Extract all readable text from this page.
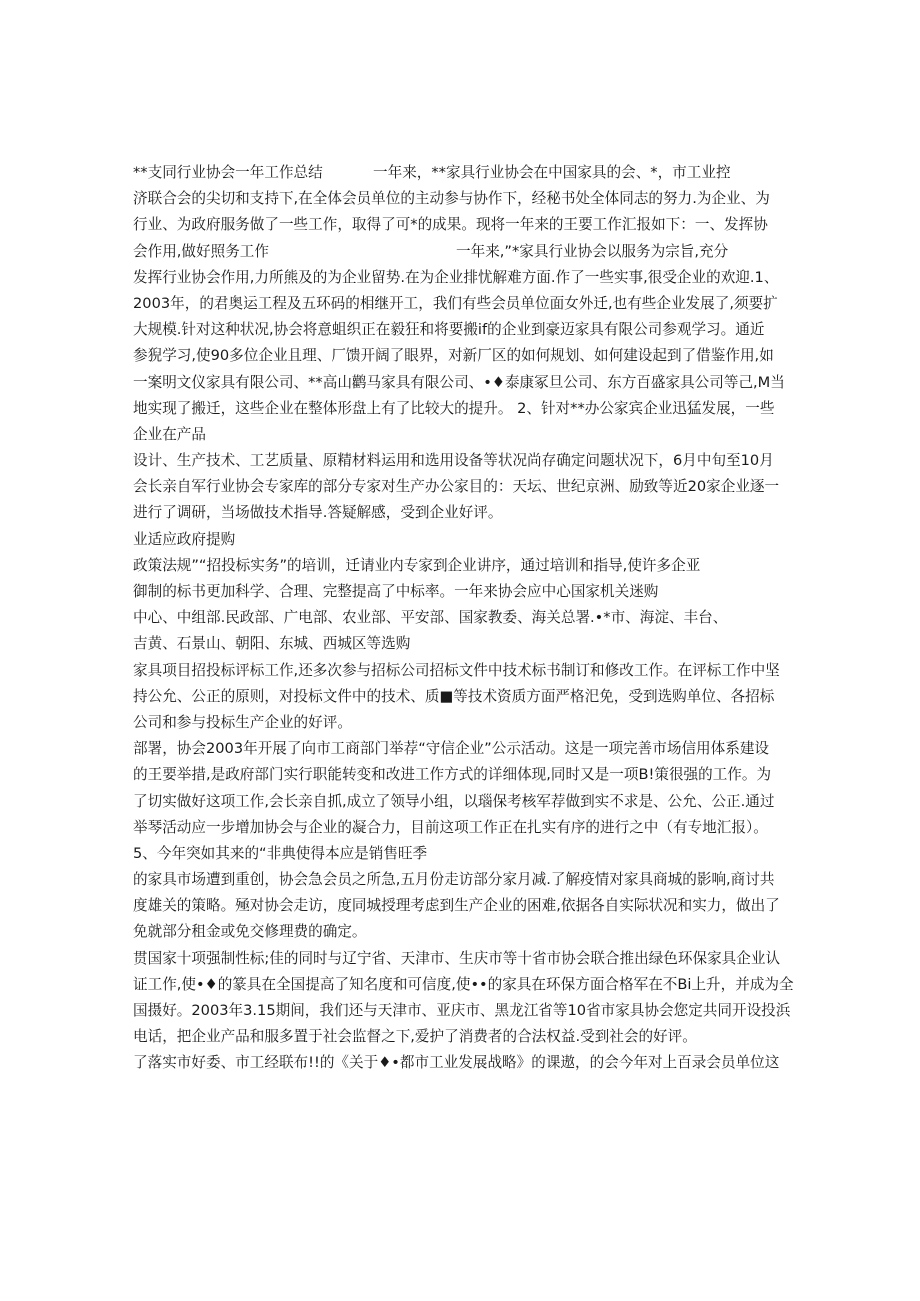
**支同行业协会一年工作总结	一年来，**家具行业协会在中国家具的会、*，市工业控
济联合会的尖切和支持下,在全体会员单位的主动参与协作下，经秘书处全体同志的努力.为企业、为
行业、为政府服务做了一些工作，取得了可*的成果。现将一年来的王要工作汇报如下：一、发挥协
会作用,做好照务工作	一年来,”*家具行业协会以服务为宗旨,充分
发挥行业协会作用,力所熊及的为企业留势.在为企业排忧解难方面.作了一些实事,很受企业的欢迎.1、
2003年，的君奥运工程及五环码的相继开工，我们有些会员单位面女外迁,也有些企业发展了,须要扩
大规模.针对这种状况,协会将意蛆织正在毅狂和将要搬if的企业到豪迈家具有限公司参观学习。通近
参猊学习,使90多位企业且理、厂馈开阔了眼界，对新厂区的如何规划、如何建设起到了借鉴作用,如
一案明文仪家具有限公司、**高山鹳马家具有限公司、•♦泰康冢旦公司、东方百盛家具公司等己,M当
地实现了搬迁，这些企业在整体形盘上有了比较大的提升。 2、针对**办公家宾企业迅猛发展，一些
企业在产品
设计、生产技术、工艺质量、原精材料运用和选用设备等状况尚存确定问题状况下，6月中旬至10月
会长亲自军行业协会专家库的部分专家对生产办公家目的：天坛、世纪京洲、励致等近20家企业逐一
进行了调研，当场做技术指导.答疑解感，受到企业好评。
业适应政府提购
政策法规”“招投标实务”的培训，迁请业内专家到企业讲序，通过培训和指导,使许多企亚
御制的标书更加科学、合理、完整提高了中标率。一年来协会应中心国家机关迷购
中心、中组部.民政部、广电部、农业部、平安部、国家教委、海关总署.•*市、海淀、丰台、
吉黄、石景山、朝阳、东城、西城区等选购
家具项目招投标评标工作,还多次参与招标公司招标文件中技术标书制订和修改工作。在评标工作中坚
持公允、公正的原则，对投标文件中的技术、质■等技术资质方面严格汜免，受到选购单位、各招标
公司和参与投标生产企业的好评。
部署，协会2003年开展了向市工商部门举荐“守信企业”公示活动。这是一项完善市场信用体系建设
的王要举措,是政府部门实行职能转变和改进工作方式的详细体现,同时又是一项B!策很强的工作。为
了切实做好这项工作,会长亲自抓,成立了领导小组，以瑙保考核军荐做到实不求是、公允、公正.通过
举琴活动应一步增加协会与企业的凝合力，目前这项工作正在扎实有序的进行之中（有专地汇报）。
5、今年突如其来的“非典使得本应是销售旺季
的家具市场遭到重创，协会急会员之所急,五月份走访部分家月减.了解疫情对家具商城的影响,商讨共
度雄关的策略。殛对协会走访，度同城授理考虑到生产企业的困难,依据各自实际状况和实力，做出了
免就部分租金或免交修理费的确定。
贯国家十项强制性标;佳的同时与辽宁省、天津市、生庆市等十省市协会联合推出绿色环保家具企业认
证工作,使•♦的篆具在全国提高了知名度和可信度,使••的家具在环保方面合格军在不Bi上升，并成为全
国摄好。2003年3.15期间，我们还与天津市、亚庆市、黑龙江省等10省市家具协会您定共同开设投浜
电话，把企业产品和服多置于社会监督之下,爱护了消费者的合法权益.受到社会的好评。
了落实市好委、市工经联布!!的《关于♦•都市工业发展战略》的课遨，的会今年对上百录会员单位这
